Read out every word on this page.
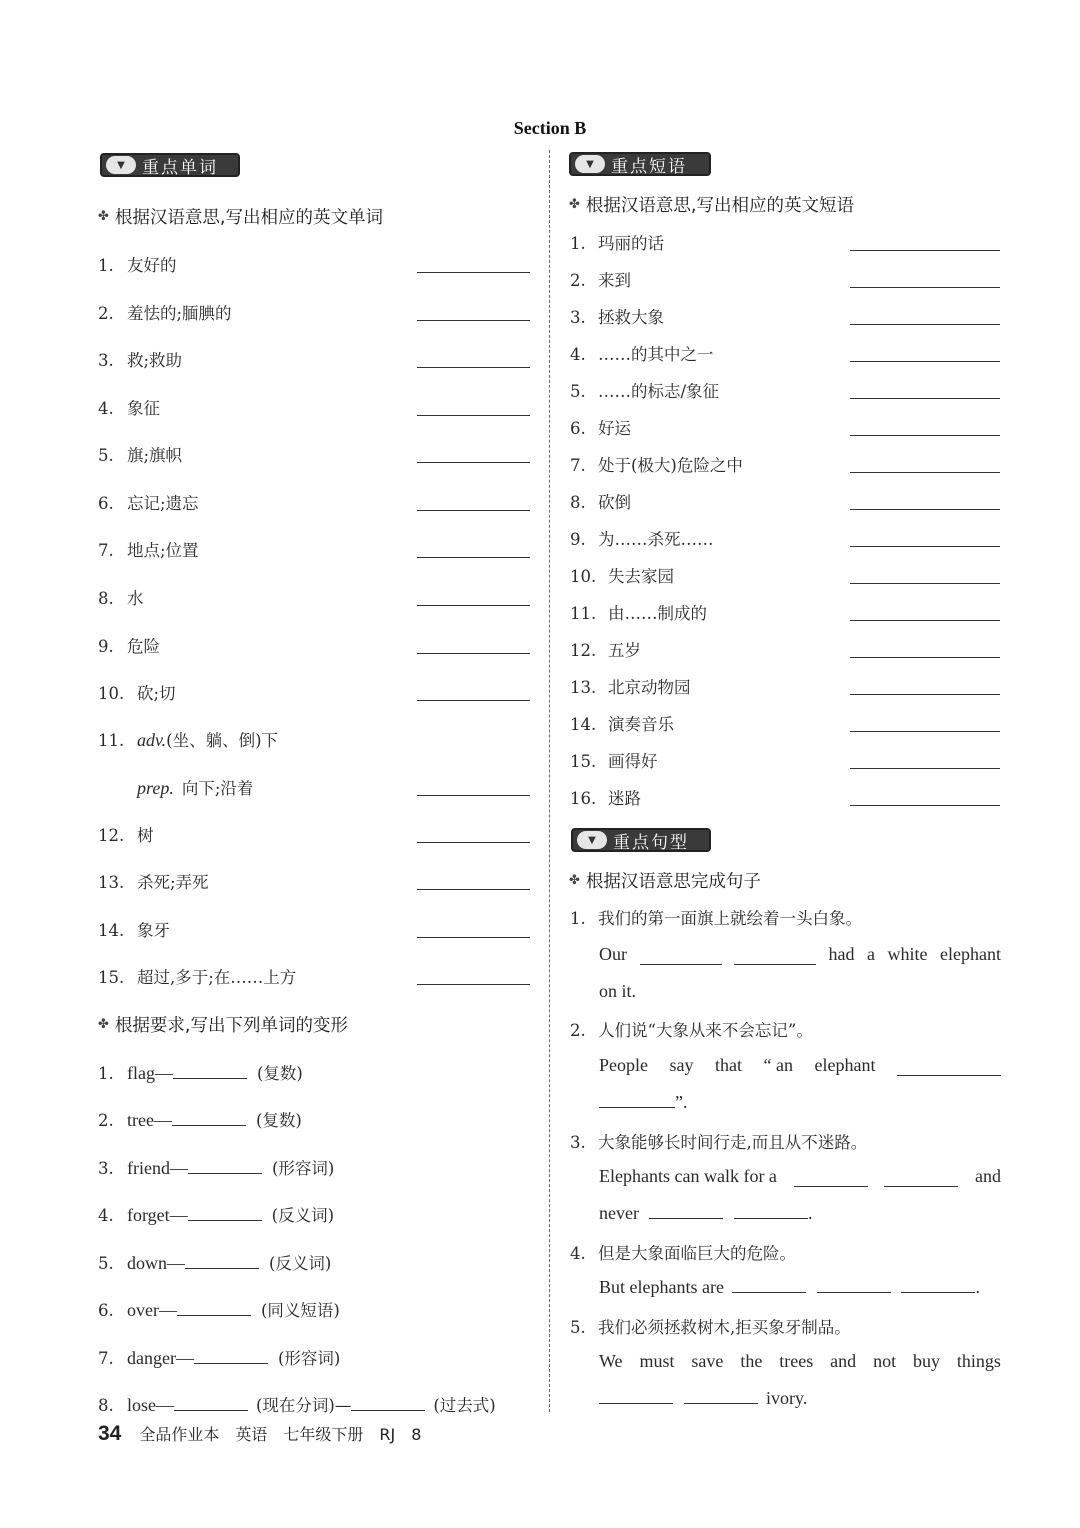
Section B
▼	重点单词
✤ 根据汉语意思,写出相应的英文单词
1. 友好的
2. 羞怯的;腼腆的
3. 救;救助
4. 象征
5. 旗;旗帜
6. 忘记;遗忘
7. 地点;位置
8. 水
9. 危险
10. 砍;切
11. adv.(坐、躺、倒)下
prep. 向下;沿着
12. 树
13. 杀死;弄死
14. 象牙
15. 超过,多于;在……上方
✤ 根据要求,写出下列单词的变形
1. flag—	(复数)
2. tree—	(复数)
3. friend—	(形容词)
4. forget—	(反义词)
5. down—	(反义词)
6. over—	(同义短语)
7. danger—	(形容词)
8. lose—	(现在分词)—	(过去式)
▼	重点短语
✤ 根据汉语意思,写出相应的英文短语
1. 玛丽的话
2. 来到
3. 拯救大象
4. ……的其中之一
5. ……的标志/象征
6. 好运
7. 处于(极大)危险之中
8. 砍倒
9. 为……杀死……
10. 失去家园
11. 由……制成的
12. 五岁
13. 北京动物园
14. 演奏音乐
15. 画得好
16. 迷路
▼	重点句型
✤ 根据汉语意思完成句子
1. 我们的第一面旗上就绘着一头白象。
Our	had a white elephant
on it.
2. 人们说“大象从来不会忘记”。
People say that “ an elephant
”.
3. 大象能够长时间行走,而且从不迷路。
Elephants can walk for a	and
never	.
4. 但是大象面临巨大的危险。
But elephants are	.
5. 我们必须拯救树木,拒买象牙制品。
We must save the trees and not buy things
ivory.
34 全品作业本 英语 七年级下册 RJ 8
